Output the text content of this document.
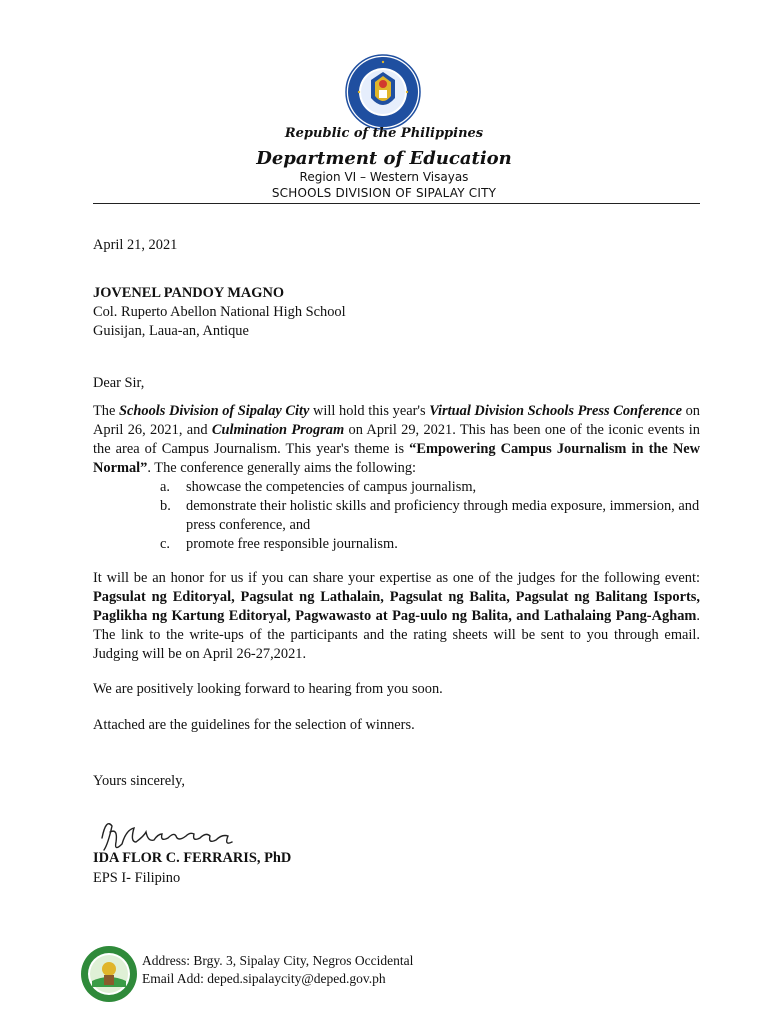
Republic of the Philippines
Department of Education
Region VI – Western Visayas
SCHOOLS DIVISION OF SIPALAY CITY
April 21, 2021
JOVENEL PANDOY MAGNO
Col. Ruperto Abellon National High School
Guisijan, Laua-an, Antique
Dear Sir,
The Schools Division of Sipalay City will hold this year's Virtual Division Schools Press Conference on April 26, 2021, and Culmination Program on April 29, 2021. This has been one of the iconic events in the area of Campus Journalism. This year's theme is “Empowering Campus Journalism in the New Normal”. The conference generally aims the following:
a. showcase the competencies of campus journalism,
b. demonstrate their holistic skills and proficiency through media exposure, immersion, and press conference, and
c. promote free responsible journalism.
It will be an honor for us if you can share your expertise as one of the judges for the following event: Pagsulat ng Editoryal, Pagsulat ng Lathalain, Pagsulat ng Balita, Pagsulat ng Balitang Isports, Paglikha ng Kartung Editoryal, Pagwawasto at Pag-uulo ng Balita, and Lathalaing Pang-Agham. The link to the write-ups of the participants and the rating sheets will be sent to you through email. Judging will be on April 26-27,2021.
We are positively looking forward to hearing from you soon.
Attached are the guidelines for the selection of winners.
Yours sincerely,
IDA FLOR C. FERRARIS, PhD
EPS I- Filipino
Address: Brgy. 3, Sipalay City, Negros Occidental
Email Add: deped.sipalaycity@deped.gov.ph
